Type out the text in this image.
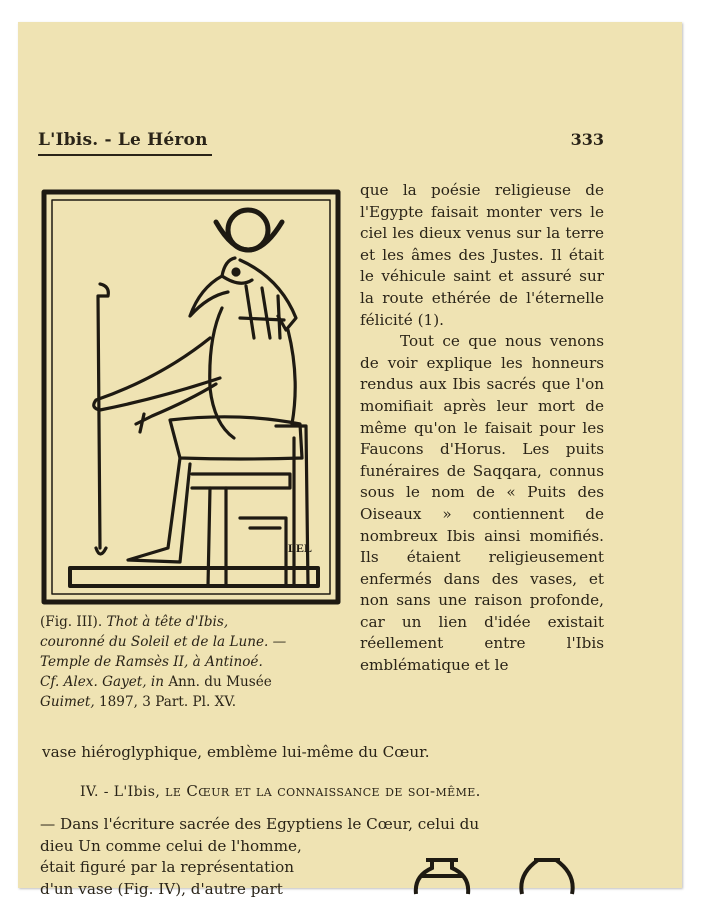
L'Ibis. - Le Héron	333
LEL
(Fig. III). Thot à tête d'Ibis,
couronné du Soleil et de la Lune. —
Temple de Ramsès II, à Antinoé.
Cf. Alex. Gayet, in Ann. du Musée
Guimet, 1897, 3 Part. Pl. XV.

que la poésie religieuse de l'Egypte faisait monter vers le ciel les dieux venus sur la terre et les âmes des Justes. Il était le véhicule saint et assuré sur la route ethérée de l'éternelle félicité (1).

Tout ce que nous venons de voir explique les honneurs rendus aux Ibis sacrés que l'on momifiait après leur mort de même qu'on le faisait pour les Faucons d'Horus. Les puits funéraires de Saqqara, connus sous le nom de « Puits des Oiseaux » contiennent de nombreux Ibis ainsi momifiés. Ils étaient religieusement enfermés dans des vases, et non sans une raison profonde, car un lien d'idée existait réellement entre l'Ibis emblématique et le

vase hiéroglyphique, emblème lui-même du Cœur.
IV. - L'Ibis, le Cœur et la connaissance de soi-même.

— Dans l'écriture sacrée des Egyptiens le Cœur, celui du

dieu Un comme celui de l'homme,

était figuré par la représentation

d'un vase (Fig. IV), d'autre part
